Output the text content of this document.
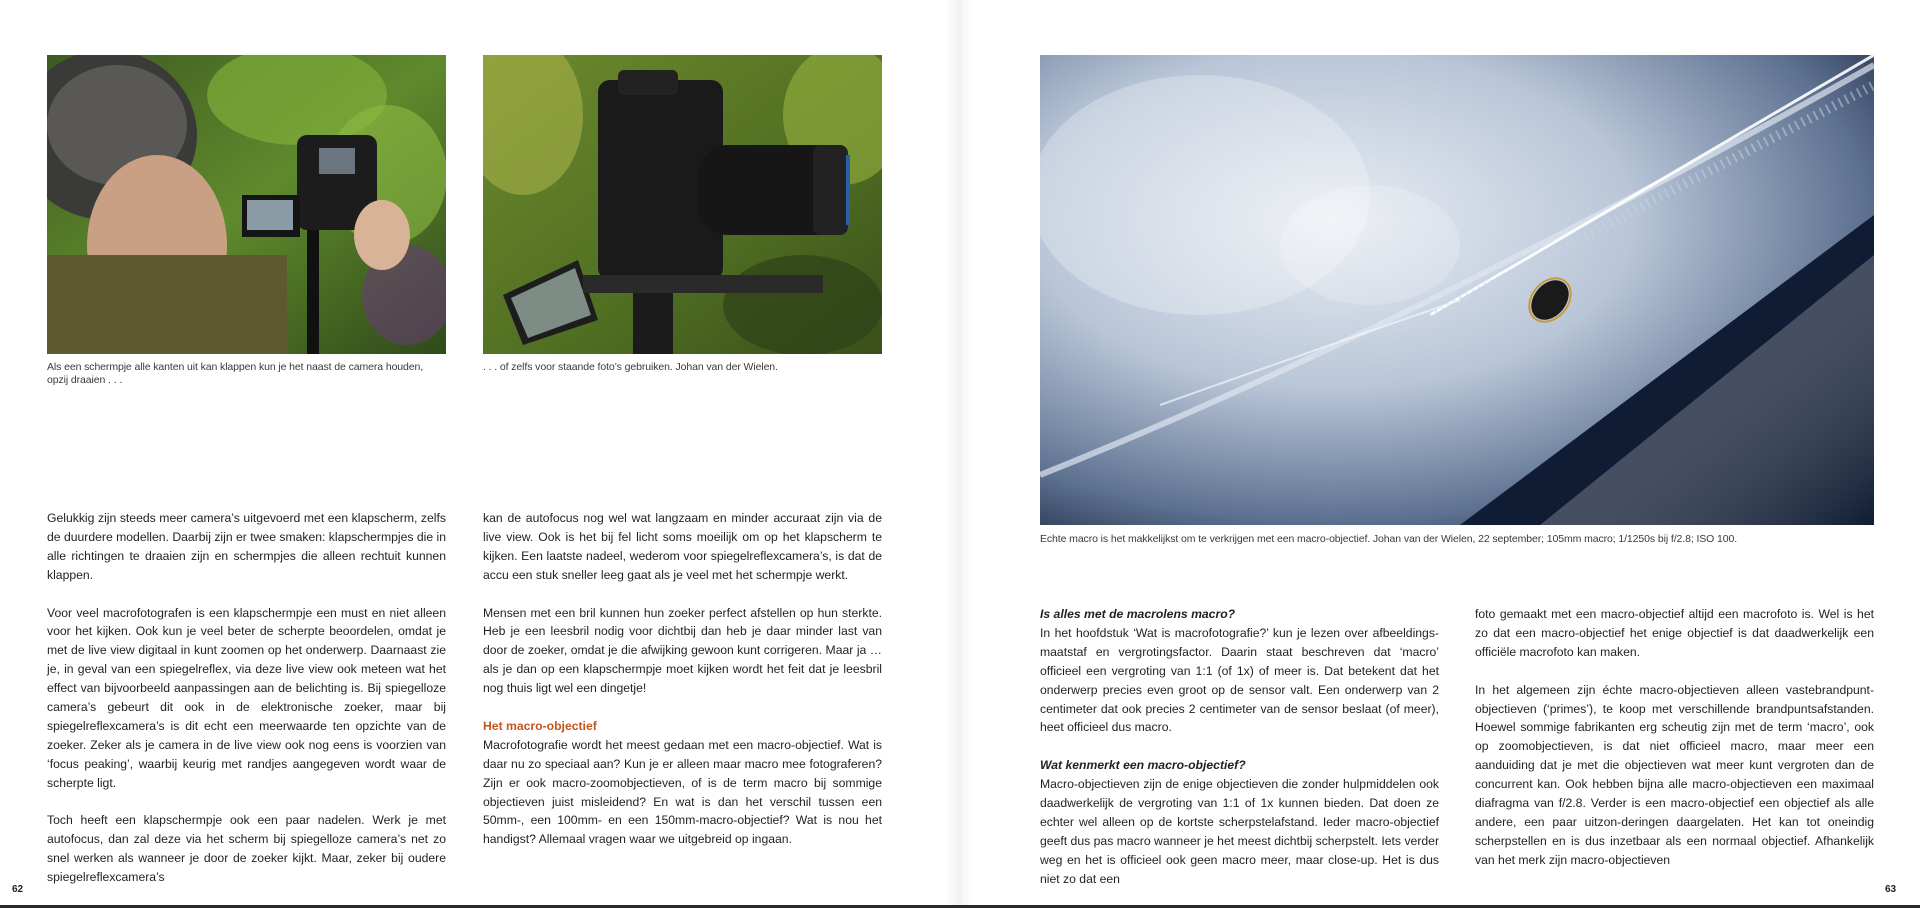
Als een schermpje alle kanten uit kan klappen kun je het naast de camera houden, opzij draaien . . .
. . . of zelfs voor staande foto’s gebruiken. Johan van der Wielen.

Gelukkig zijn steeds meer camera’s uitgevoerd met een klapscherm, zelfs de duurdere modellen. Daarbij zijn er twee smaken: klapschermpjes die in alle richtingen te draaien zijn en schermpjes die alleen rechtuit kunnen klappen.

Voor veel macrofotografen is een klapschermpje een must en niet alleen voor het kijken. Ook kun je veel beter de scherpte beoordelen, omdat je met de live view digitaal in kunt zoomen op het onderwerp. Daarnaast zie je, in geval van een spiegelreflex, via deze live view ook meteen wat het effect van bijvoorbeeld aanpassingen aan de belichting is. Bij spiegelloze camera’s gebeurt dit ook in de elektronische zoeker, maar bij spiegelreflexcamera’s is dit echt een meerwaarde ten opzichte van de zoeker. Zeker als je camera in de live view ook nog eens is voorzien van ‘focus peaking’, waarbij keurig met randjes aangegeven wordt waar de scherpte ligt.

Toch heeft een klapschermpje ook een paar nadelen. Werk je met autofocus, dan zal deze via het scherm bij spiegelloze camera’s net zo snel werken als wanneer je door de zoeker kijkt. Maar, zeker bij oudere spiegelreflexcamera’s

kan de autofocus nog wel wat langzaam en minder accuraat zijn via de live view. Ook is het bij fel licht soms moeilijk om op het klapscherm te kijken. Een laatste nadeel, wederom voor spiegelreflexcamera’s, is dat de accu een stuk sneller leeg gaat als je veel met het schermpje werkt.

Mensen met een bril kunnen hun zoeker perfect afstellen op hun sterkte. Heb je een leesbril nodig voor dichtbij dan heb je daar minder last van door de zoeker, omdat je die afwijking gewoon kunt corrigeren. Maar ja … als je dan op een klapschermpje moet kijken wordt het feit dat je leesbril nog thuis ligt wel een dingetje!

Het macro-objectief

Macrofotografie wordt het meest gedaan met een macro-objectief. Wat is daar nu zo speciaal aan? Kun je er alleen maar macro mee fotograferen? Zijn er ook macro-zoomobjectieven, of is de term macro bij sommige objectieven juist misleidend? En wat is dan het verschil tussen een 50mm-, een 100mm- en een 150mm-macro-objectief? Wat is nou het handigst? Allemaal vragen waar we uitgebreid op ingaan.

62
Echte macro is het makkelijkst om te verkrijgen met een macro-objectief. Johan van der Wielen, 22 september; 105mm macro; 1/1250s bij f/2.8; ISO 100.
Is alles met de macrolens macro?

In het hoofdstuk ‘Wat is macrofotografie?’ kun je lezen over afbeeldings-maatstaf en vergrotingsfactor. Daarin staat beschreven dat ‘macro’ officieel een vergroting van 1:1 (of 1x) of meer is. Dat betekent dat het onderwerp precies even groot op de sensor valt. Een onderwerp van 2 centimeter dat ook precies 2 centimeter van de sensor beslaat (of meer), heet officieel dus macro.

Wat kenmerkt een macro-objectief?

Macro-objectieven zijn de enige objectieven die zonder hulpmiddelen ook daadwerkelijk de vergroting van 1:1 of 1x kunnen bieden. Dat doen ze echter wel alleen op de kortste scherpstelafstand. Ieder macro-objectief geeft dus pas macro wanneer je het meest dichtbij scherpstelt. Iets verder weg en het is officieel ook geen macro meer, maar close-up. Het is dus niet zo dat een

foto gemaakt met een macro-objectief altijd een macrofoto is. Wel is het zo dat een macro-objectief het enige objectief is dat daadwerkelijk een officiële macrofoto kan maken.

In het algemeen zijn échte macro-objectieven alleen vastebrandpunt-objectieven (‘primes’), te koop met verschillende brandpuntsafstanden. Hoewel sommige fabrikanten erg scheutig zijn met de term ‘macro’, ook op zoomobjectieven, is dat niet officieel macro, maar meer een aanduiding dat je met die objectieven wat meer kunt vergroten dan de concurrent kan. Ook hebben bijna alle macro-objectieven een maximaal diafragma van f/2.8. Verder is een macro-objectief een objectief als alle andere, een paar uitzon-deringen daargelaten. Het kan tot oneindig scherpstellen en is dus inzetbaar als een normaal objectief. Afhankelijk van het merk zijn macro-objectieven

63
